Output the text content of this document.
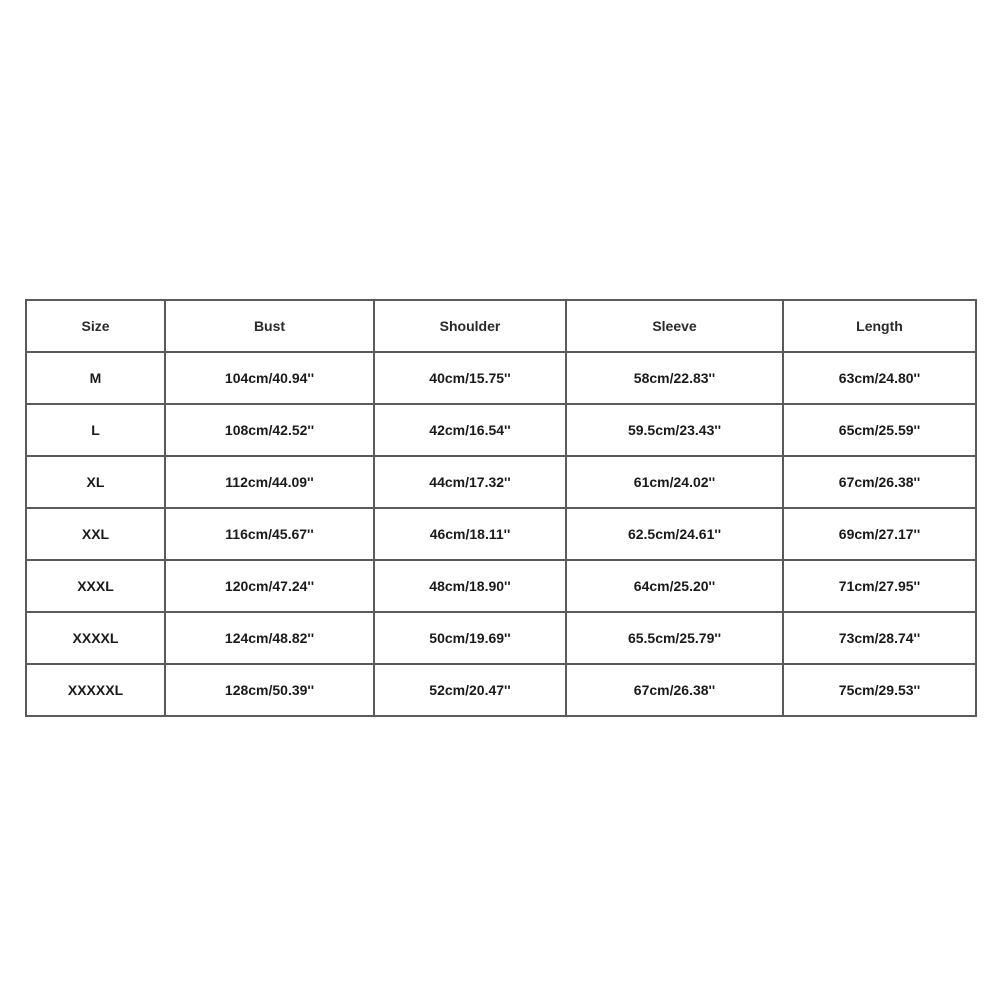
Size	Bust	Shoulder	Sleeve	Length
M	104cm/40.94''	40cm/15.75''	58cm/22.83''	63cm/24.80''
L	108cm/42.52''	42cm/16.54''	59.5cm/23.43''	65cm/25.59''
XL	112cm/44.09''	44cm/17.32''	61cm/24.02''	67cm/26.38''
XXL	116cm/45.67''	46cm/18.11''	62.5cm/24.61''	69cm/27.17''
XXXL	120cm/47.24''	48cm/18.90''	64cm/25.20''	71cm/27.95''
XXXXL	124cm/48.82''	50cm/19.69''	65.5cm/25.79''	73cm/28.74''
XXXXXL	128cm/50.39''	52cm/20.47''	67cm/26.38''	75cm/29.53''
